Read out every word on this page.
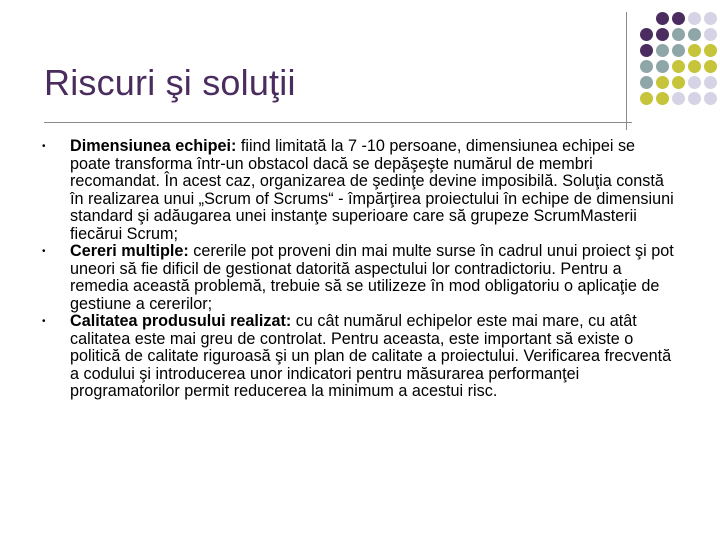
Riscuri şi soluţii
• Dimensiunea echipei: fiind limitată la 7 -10 persoane, dimensiunea echipei se poate transforma într-un obstacol dacă se depăşeşte numărul de membri recomandat. În acest caz, organizarea de şedinţe devine imposibilă. Soluţia constă în realizarea unui „Scrum of Scrums“ - împărţirea proiectului în echipe de dimensiuni standard şi adăugarea unei instanţe superioare care să grupeze ScrumMasterii fiecărui Scrum;
• Cereri multiple: cererile pot proveni din mai multe surse în cadrul unui proiect şi pot uneori să fie dificil de gestionat datorită aspectului lor contradictoriu. Pentru a remedia această problemă, trebuie să se utilizeze în mod obligatoriu o aplicaţie de gestiune a cererilor;
• Calitatea produsului realizat: cu cât numărul echipelor este mai mare, cu atât calitatea este mai greu de controlat. Pentru aceasta, este important să existe o politică de calitate riguroasă şi un plan de calitate a proiectului. Verificarea frecventă a codului şi introducerea unor indicatori pentru măsurarea performanţei programatorilor permit reducerea la minimum a acestui risc.
